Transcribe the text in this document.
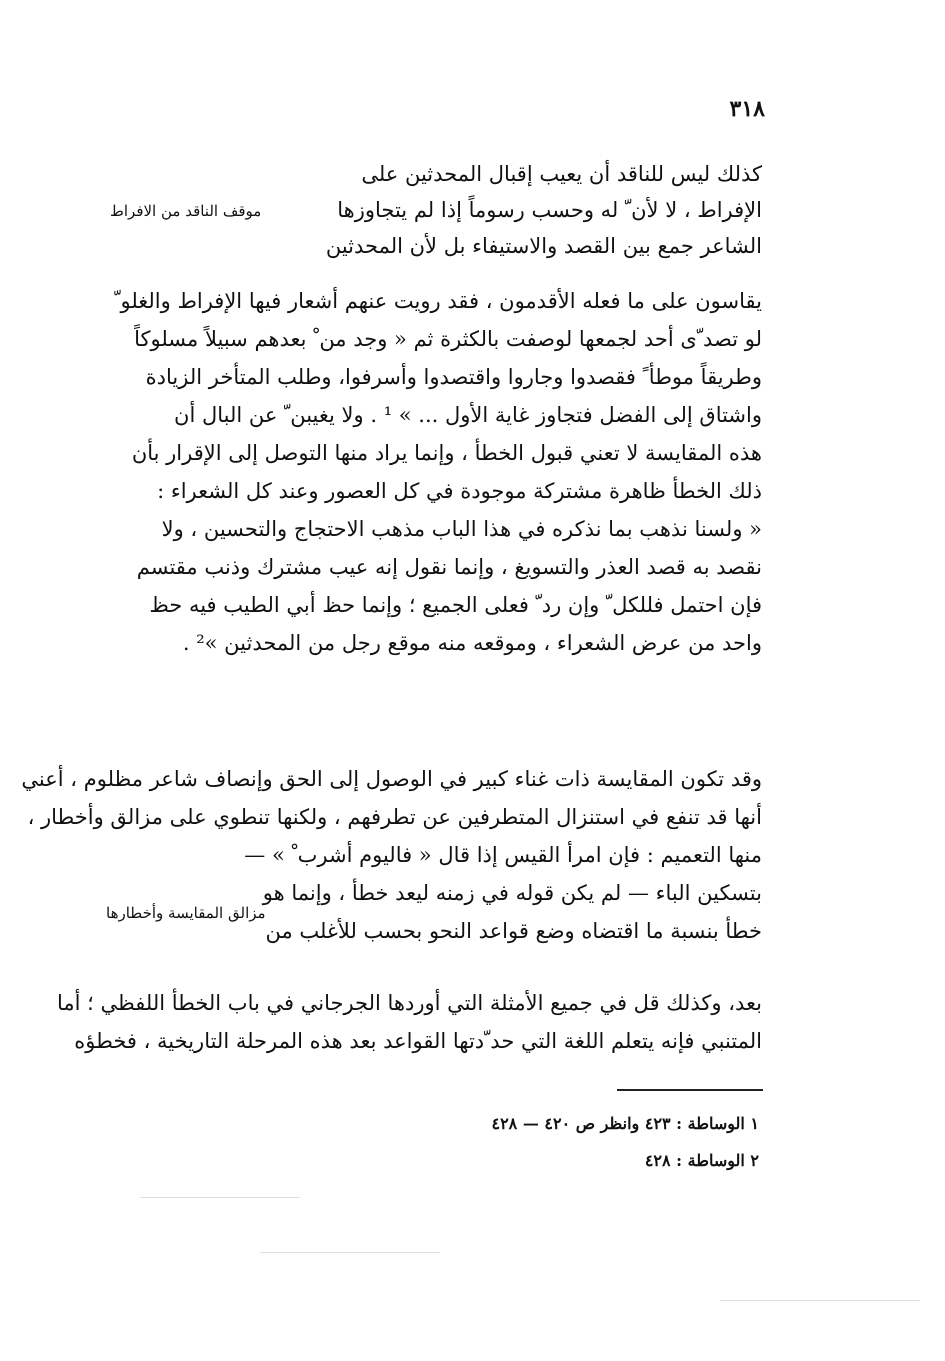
٣١٨
موقف الناقد من الافراط
كذلك ليس للناقد أن يعيب إقبال المحدثين على
الإفراط ، لا لأن ّ له وحسب رسوماً إذا لم يتجاوزها
الشاعر جمع بين القصد والاستيفاء بل لأن المحدثين
يقاسون على ما فعله الأقدمون ، فقد رويت عنهم أشعار فيها الإفراط والغلو ّ
لو تصد ّى أحد لجمعها لوصفت بالكثرة ثم « وجد من ْ بعدهم سبيلاً مسلوكاً
وطريقاً موطأ ً فقصدوا وجاروا واقتصدوا وأسرفوا، وطلب المتأخر الزيادة
واشتاق إلى الفضل فتجاوز غاية الأول ... » ¹ . ولا يغيبن ّ عن البال أن
هذه المقايسة لا تعني قبول الخطأ ، وإنما يراد منها التوصل إلى الإقرار بأن
ذلك الخطأ ظاهرة مشتركة موجودة في كل العصور وعند كل الشعراء :
« ولسنا نذهب بما نذكره في هذا الباب مذهب الاحتجاج والتحسين ، ولا
نقصد به قصد العذر والتسويغ ، وإنما نقول إنه عيب مشترك وذنب مقتسم
فإن احتمل فللكل ّ وإن رد ّ فعلى الجميع ؛ وإنما حظ أبي الطيب فيه حظ
واحد من عرض الشعراء ، وموقعه منه موقع رجل من المحدثين »² .
وقد تكون المقايسة ذات غناء كبير في الوصول إلى الحق وإنصاف شاعر مظلوم ، أعني
أنها قد تنفع في استنزال المتطرفين عن تطرفهم ، ولكنها تنطوي على مزالق وأخطار ،
منها التعميم : فإن امرأ القيس إذا قال « فاليوم أشرب ْ » —
مزالق المقايسة وأخطارها
بتسكين الباء — لم يكن قوله في زمنه ليعد خطأ ، وإنما هو
خطأ بنسبة ما اقتضاه وضع قواعد النحو بحسب للأغلب من
بعد، وكذلك قل في جميع الأمثلة التي أوردها الجرجاني في باب الخطأ اللفظي ؛ أما
المتنبي فإنه يتعلم اللغة التي حد ّدتها القواعد بعد هذه المرحلة التاريخية ، فخطؤه
١ الوساطة : ٤٢٣ وانظر ص ٤٢٠ — ٤٢٨
٢ الوساطة : ٤٢٨
